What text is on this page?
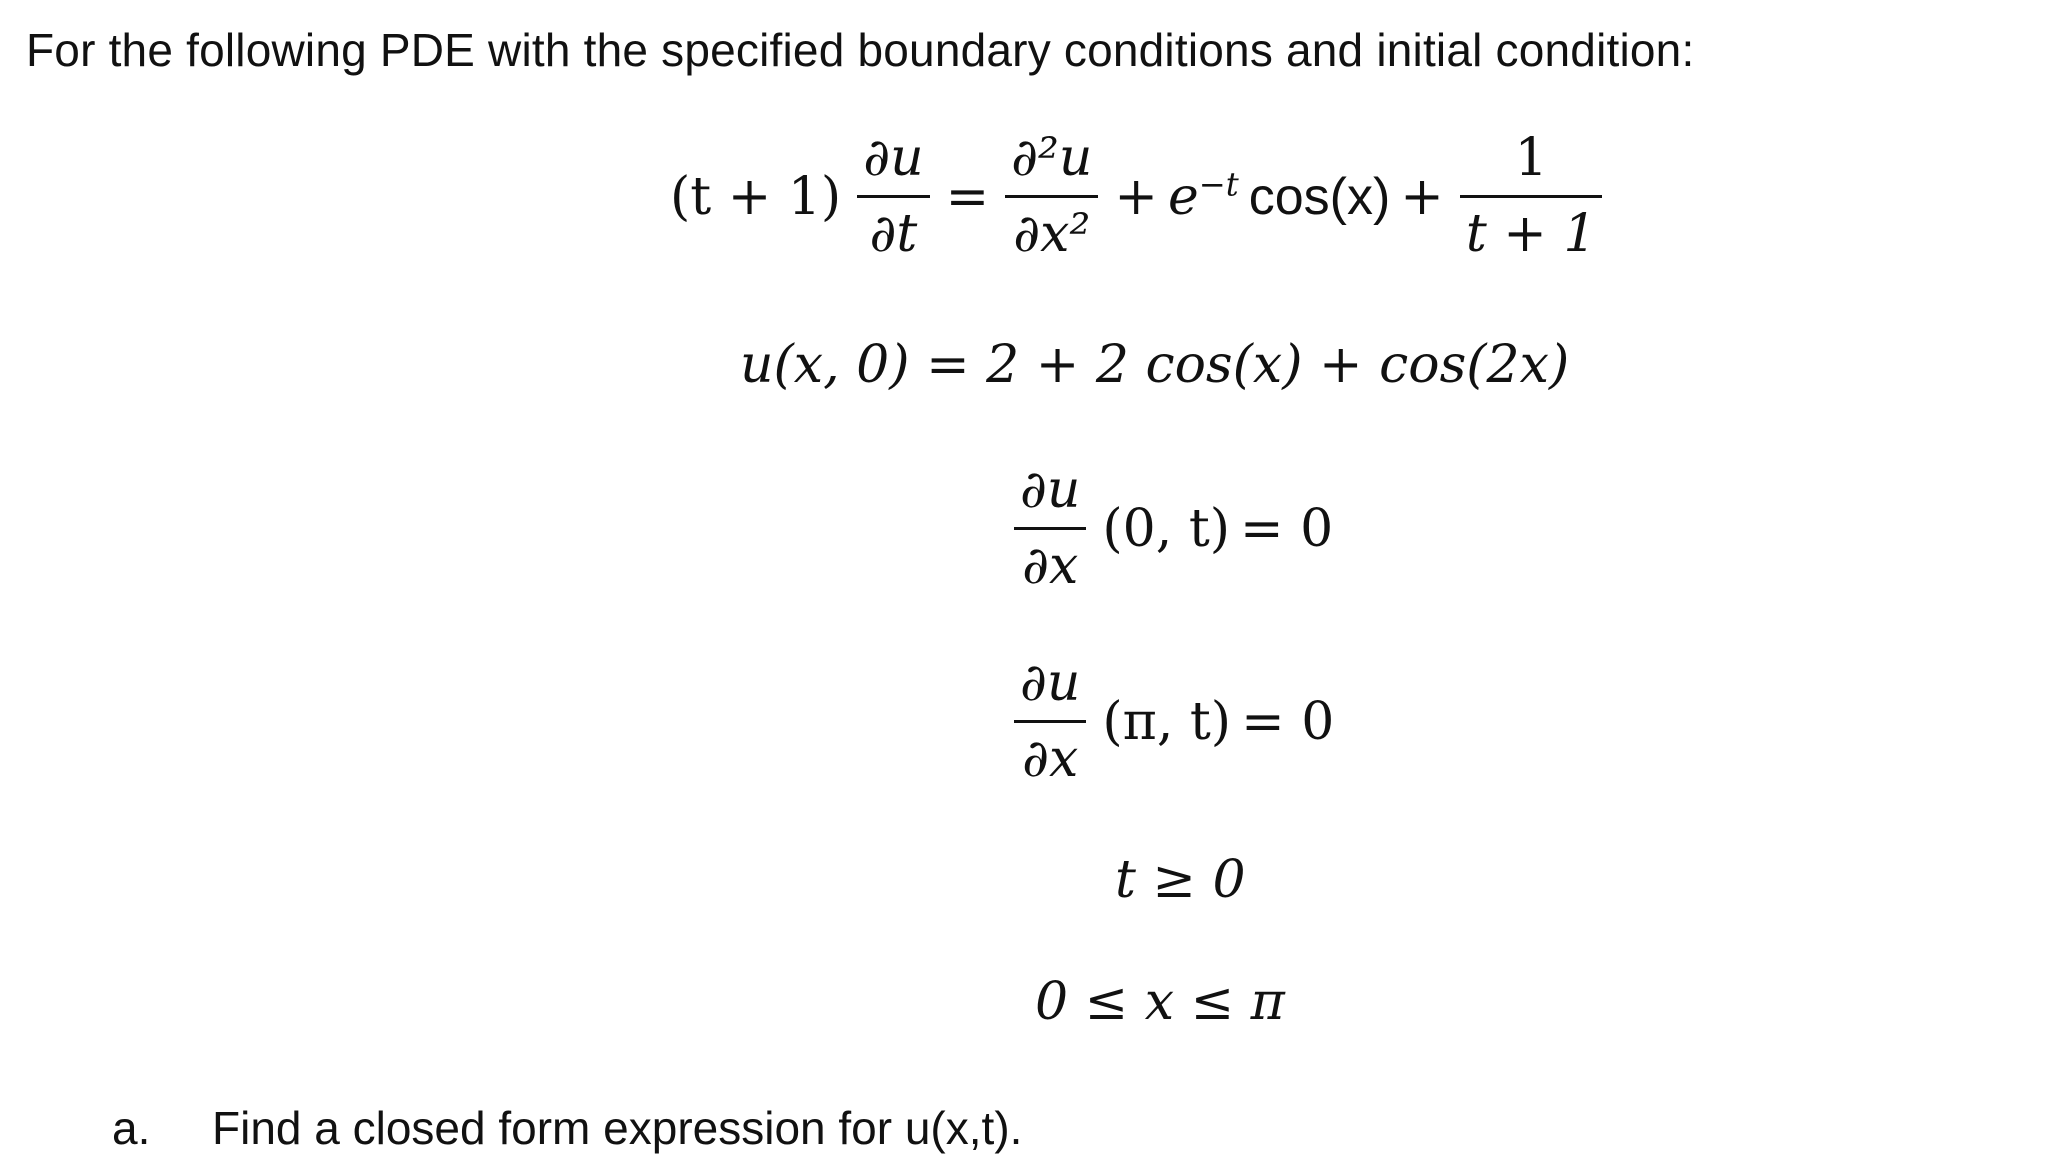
For the following PDE with the specified boundary conditions and initial condition:
$(t + 1) \frac{\partial u}{\partial t} = \frac{\text{∂²u}}{\text{∂x²}} + e^{-t}$ $\cos(x) + \frac{1}{t + 1}$
u(x, 0) = 2 + 2 cos(x) + cos(2x)
$\frac{\partial u}{\partial x} (0$, t) = 0
$\frac{\partial u}{\partial x} (\pi$, t) = 0
t ≥ 0
0 ≤ x ≤ π
a. Find a closed form expression for u(x,t).
